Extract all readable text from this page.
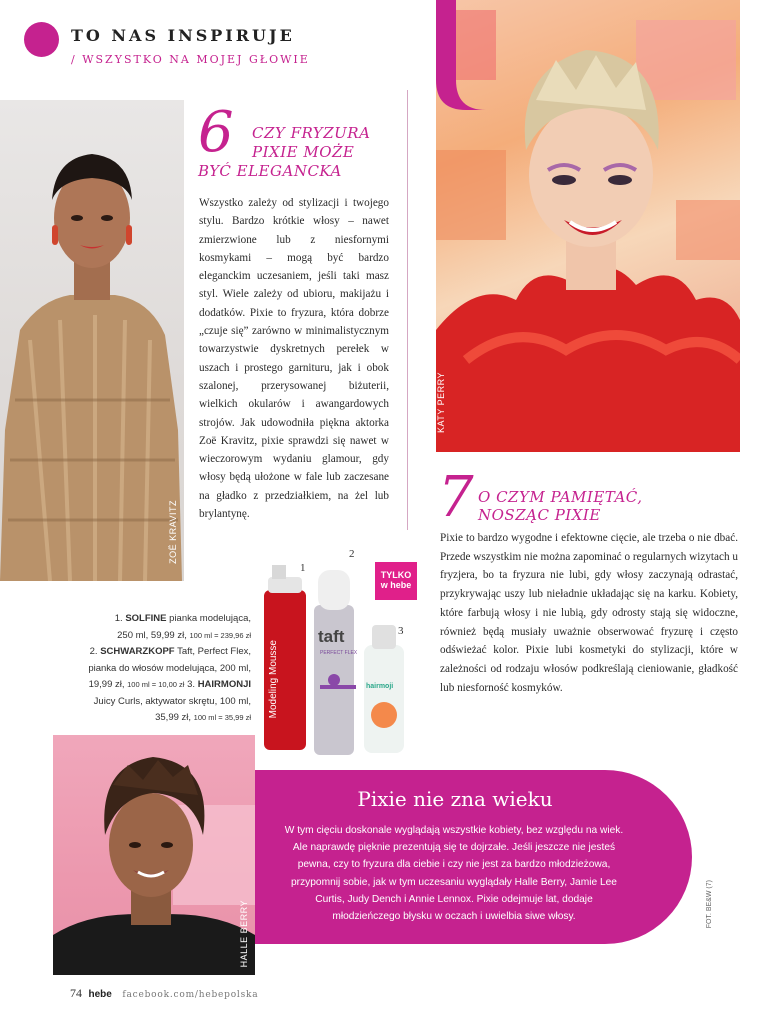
TO NAS INSPIRUJE
/ WSZYSTKO NA MOJEJ GŁOWIE
ZOË KRAVITZ
KATY PERRY
6	CZY FRYZURA
PIXIE MOŻE
BYĆ ELEGANCKA
Wszystko zależy od stylizacji i twojego stylu. Bardzo krótkie włosy – nawet zmierzwione lub z niesfornymi kosmykami – mogą być bardzo eleganckim uczesaniem, jeśli taki masz styl. Wiele zależy od ubioru, makijażu i dodatków. Pixie to fryzura, która dobrze „czuje się” zarówno w minimalistycznym towarzystwie dyskretnych perełek w uszach i prostego garnituru, jak i obok szalonej, przerysowanej biżuterii, wielkich okularów i awangardowych strojów. Jak udowodniła piękna aktorka Zoë Kravitz, pixie sprawdzi się nawet w wieczorowym wydaniu glamour, gdy włosy będą ułożone w fale lub zaczesane na gładko z przedziałkiem, na żel lub brylantynę.	7 O CZYM PAMIĘTAĆ,
NOSZĄC PIXIE
Pixie to bardzo wygodne i efektowne cięcie, ale trzeba o nie dbać. Przede wszystkim nie można zapominać o regularnych wizytach u fryzjera, bo ta fryzura nie lubi, gdy włosy zaczynają odrastać, przykrywając uszy lub nieładnie układając się na karku. Kobiety, które farbują włosy i nie lubią, gdy odrosty stają się widoczne, również będą musiały uważnie obserwować fryzurę i często odświeżać kolor. Pixie lubi kosmetyki do stylizacji, które w zależności od rodzaju włosów podkreślają cieniowanie, gładkość lub niesforność kosmyków.
Modeling Mousse
taft
PERFECT FLEX
hairmoji
1
2
3
TYLKO
w hebe
1. SOLFINE pianka modelująca,
250 ml, 59,99 zł, 100 ml = 239,96 zł
2. SCHWARZKOPF Taft, Perfect Flex,
pianka do włosów modelująca, 200 ml,
19,99 zł, 100 ml = 10,00 zł 3. HAIRMONJI
Juicy Curls, aktywator skrętu, 100 ml,
35,99 zł, 100 ml = 35,99 zł
HALLE BERRY
Pixie nie zna wieku
W tym cięciu doskonale wyglądają wszystkie kobiety, bez względu na wiek. Ale naprawdę pięknie prezentują się te dojrzałe. Jeśli jeszcze nie jesteś pewna, czy to fryzura dla ciebie i czy nie jest za bardzo młodzieżowa, przypomnij sobie, jak w tym uczesaniu wyglądały Halle Berry, Jamie Lee Curtis, Judy Dench i Annie Lennox. Pixie odejmuje lat, dodaje młodzieńczego błysku w oczach i uwielbia siwe włosy.	FOT. BE&W (7)
74 hebe facebook.com/hebepolska
